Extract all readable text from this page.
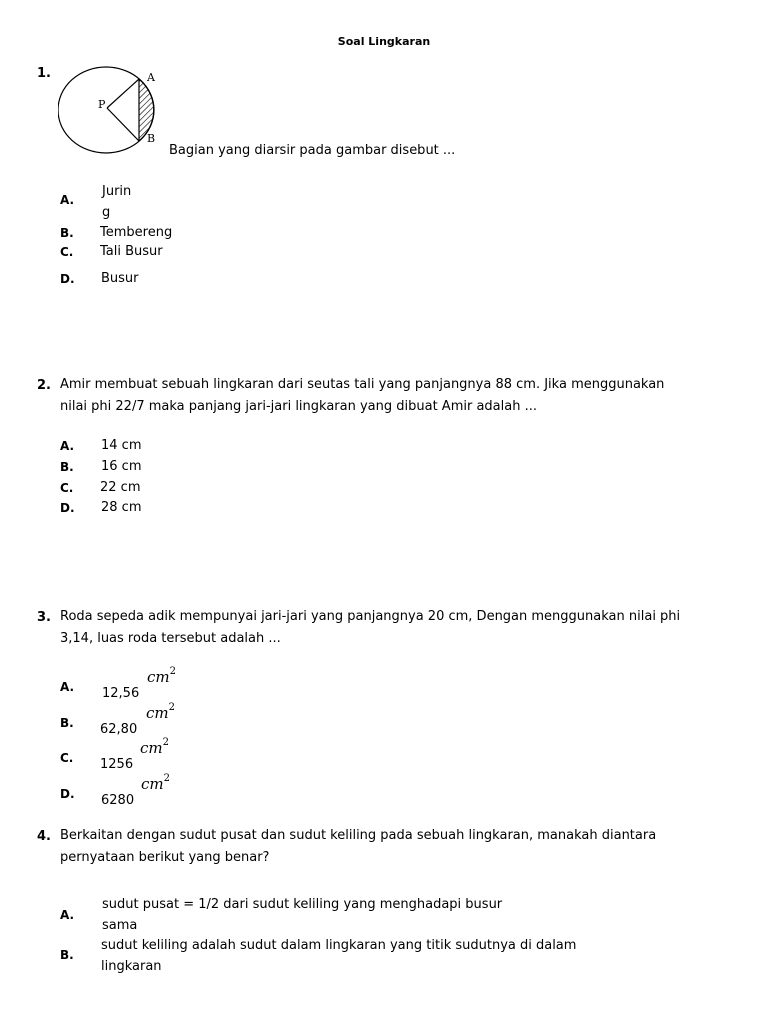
Soal Lingkaran
1.
P
A
B
Bagian yang diarsir pada gambar disebut ...
A.
Jurin
g
B. Tembereng
C. Tali Busur
D. Busur
2. Amir membuat sebuah lingkaran dari seutas tali yang panjangnya 88 cm. Jika menggunakan
nilai phi 22/7 maka panjang jari-jari lingkaran yang dibuat Amir adalah ...
A. 14 cm
B. 16 cm
C. 22 cm
D. 28 cm
3. Roda sepeda adik mempunyai jari-jari yang panjangnya 20 cm, Dengan menggunakan nilai phi
3,14, luas roda tersebut adalah ...
A. 12,56
$cm^2$
B. 62,80
$cm^2$
C. 1256
$cm^2$
D. 6280
$cm^2$
4. Berkaitan dengan sudut pusat dan sudut keliling pada sebuah lingkaran, manakah diantara
pernyataan berikut yang benar?
A.
sudut pusat = 1/2 dari sudut keliling yang menghadapi busur
sama
B.
sudut keliling adalah sudut dalam lingkaran yang titik sudutnya di dalam
lingkaran
